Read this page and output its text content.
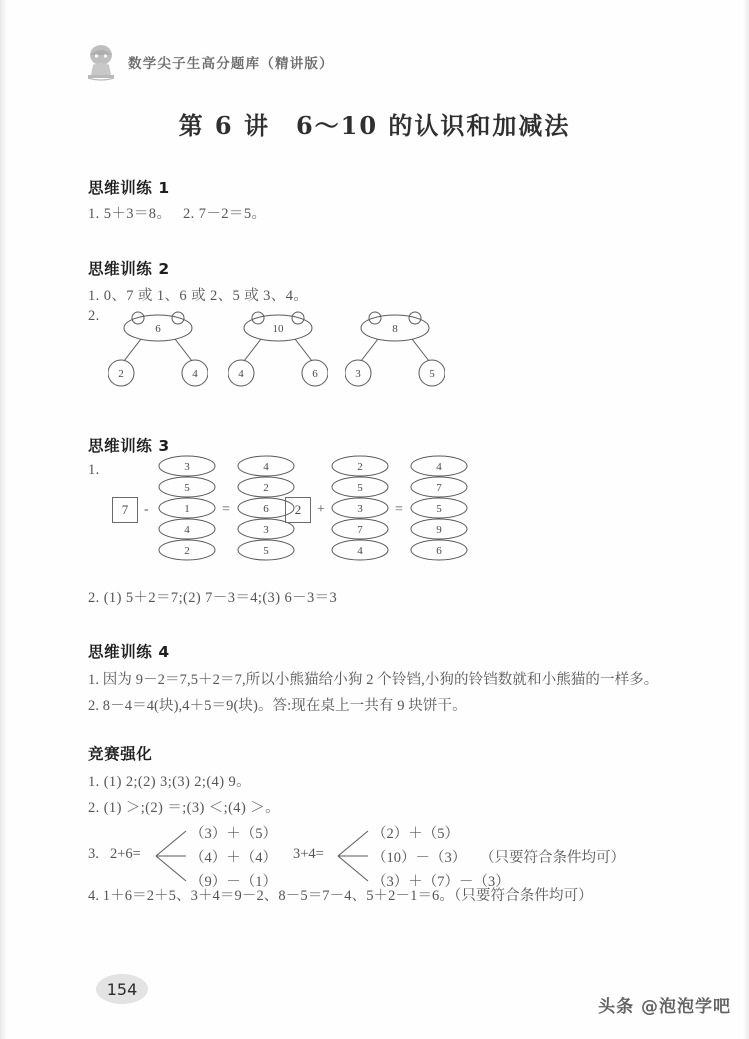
数学尖子生高分题库（精讲版）
第 6 讲　6～10 的认识和加减法
思维训练 1
1. 5＋3＝8。　 2. 7－2＝5。
思维训练 2
1. 0、7 或 1、6 或 2、5 或 3、4。
2.
6
2	4
10
4	6
8
3	5
思维训练 3
1.
7	-
3
5
1
4
2
=
4
2
6
3
5
2	+
2
5
3
7
4
=
4
7
5
9
6
2. (1) 5＋2＝7;(2) 7－3＝4;(3) 6－3＝3
思维训练 4
1. 因为 9－2＝7,5＋2＝7,所以小熊猫给小狗 2 个铃铛,小狗的铃铛数就和小熊猫的一样多。
2. 8－4＝4(块),4＋5＝9(块)。答:现在桌上一共有 9 块饼干。
竞赛强化
1. (1) 2;(2) 3;(3) 2;(4) 9。
2. (1) ＞;(2) ＝;(3) ＜;(4) ＞。
3. 2+6=
（3）＋（5）
（4）＋（4）
（9）－（1）
3+4=
（2）＋（5）
（10）－（3）
（3）＋（7）－（3）
（只要符合条件均可）
4. 1＋6＝2＋5、3＋4＝9－2、8－5＝7－4、5＋2－1＝6。（只要符合条件均可）
154
头条 @泡泡学吧
